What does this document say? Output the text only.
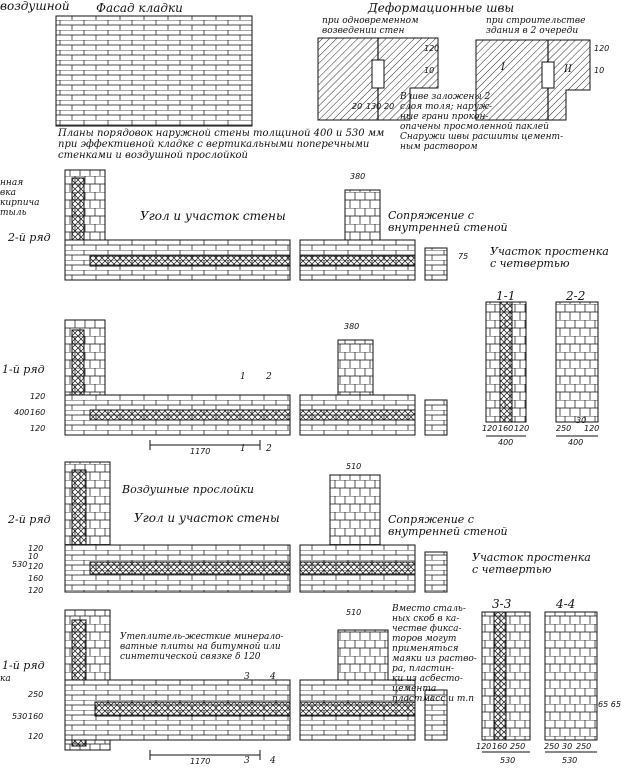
воздушной Фасад кладки	Деформационные швы
при одновременном
возведении стен
при строительстве
здания в 2 очереди
I	II
В шве заложены 2
слоя толя; наруж-
ные грани прокон-
опачены просмоленной паклей
Снаружи швы расшиты цемент-
ным раствором
Планы порядовок наружной стены толщиной 400 и 530 мм
при эффективной кладке с вертикальными поперечными
стенками и воздушной прослойкой
120
10
120
10
20 130 20
нная
вка
кирпича
тыль
2-й ряд
1-й ряд
2-й ряд
1-й ряд
ка
Угол и участок стены	Сопряжение с
внутренней стеной
Участок простенка
с четвертью
380
380
75
1170
120
160
120
400
1 2
1 2
1-1	2-2
120 160 120
400
250
30
120
400
Воздушные прослойки
Угол и участок стены	Сопряжение с
внутренней стеной
Участок простенка
с четвертью
510
510
120
10
120
160
120
530
Утеплитель-жесткие минерало-
ватные плиты на битумной или
синтетической связке δ 120
Вместо сталь-
ных скоб в ка-
честве фикса-
торов могут
применяться
маяки из раство-
ра, пластин-
ки из асбесто-
цемента
пластмасс и т.п
250
160
120
530
1170
3 4
3 4
3-3	4-4
120 160 250
530
250 30 250
530
65 65
